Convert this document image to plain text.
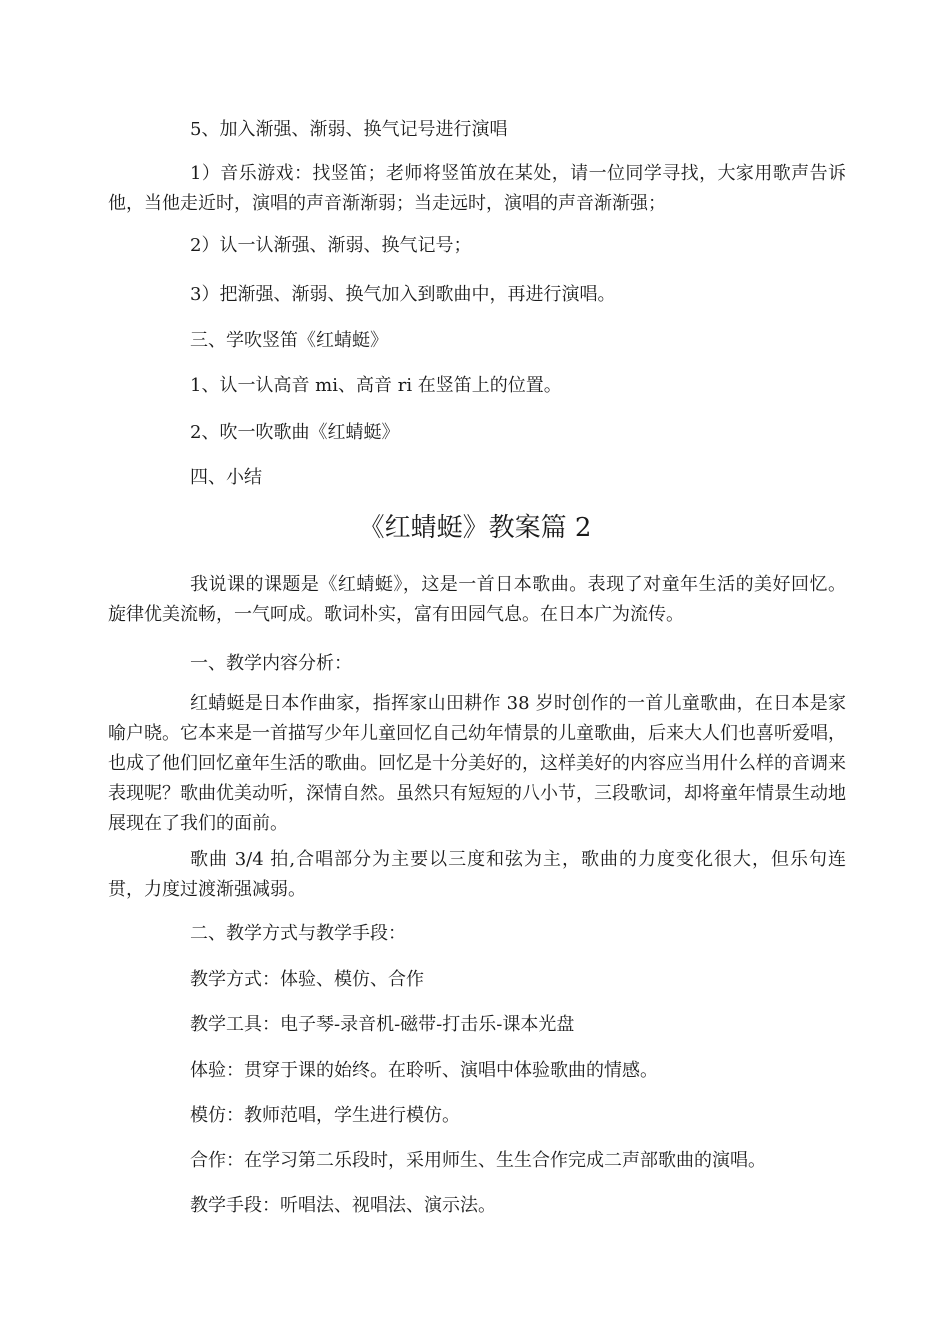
5、加入渐强、渐弱、换气记号进行演唱
1）音乐游戏：找竖笛；老师将竖笛放在某处，请一位同学寻找，大家用歌声告诉他，当他走近时，演唱的声音渐渐弱；当走远时，演唱的声音渐渐强；
2）认一认渐强、渐弱、换气记号；
3）把渐强、渐弱、换气加入到歌曲中，再进行演唱。
三、学吹竖笛《红蜻蜓》
1、认一认高音 mi、高音 ri 在竖笛上的位置。
2、吹一吹歌曲《红蜻蜓》
四、小结
《红蜻蜓》教案篇 2
我说课的课题是《红蜻蜓》，这是一首日本歌曲。表现了对童年生活的美好回忆。旋律优美流畅，一气呵成。歌词朴实，富有田园气息。在日本广为流传。
一、教学内容分析：
红蜻蜓是日本作曲家，指挥家山田耕作 38 岁时创作的一首儿童歌曲，在日本是家喻户晓。它本来是一首描写少年儿童回忆自己幼年情景的儿童歌曲，后来大人们也喜听爱唱，也成了他们回忆童年生活的歌曲。回忆是十分美好的，这样美好的内容应当用什么样的音调来表现呢？歌曲优美动听，深情自然。虽然只有短短的八小节，三段歌词，却将童年情景生动地展现在了我们的面前。
歌曲 3/4 拍,合唱部分为主要以三度和弦为主，歌曲的力度变化很大，但乐句连贯，力度过渡渐强减弱。
二、教学方式与教学手段：
教学方式：体验、模仿、合作
教学工具：电子琴-录音机-磁带-打击乐-课本光盘
体验：贯穿于课的始终。在聆听、演唱中体验歌曲的情感。
模仿：教师范唱，学生进行模仿。
合作：在学习第二乐段时，采用师生、生生合作完成二声部歌曲的演唱。
教学手段：听唱法、视唱法、演示法。
